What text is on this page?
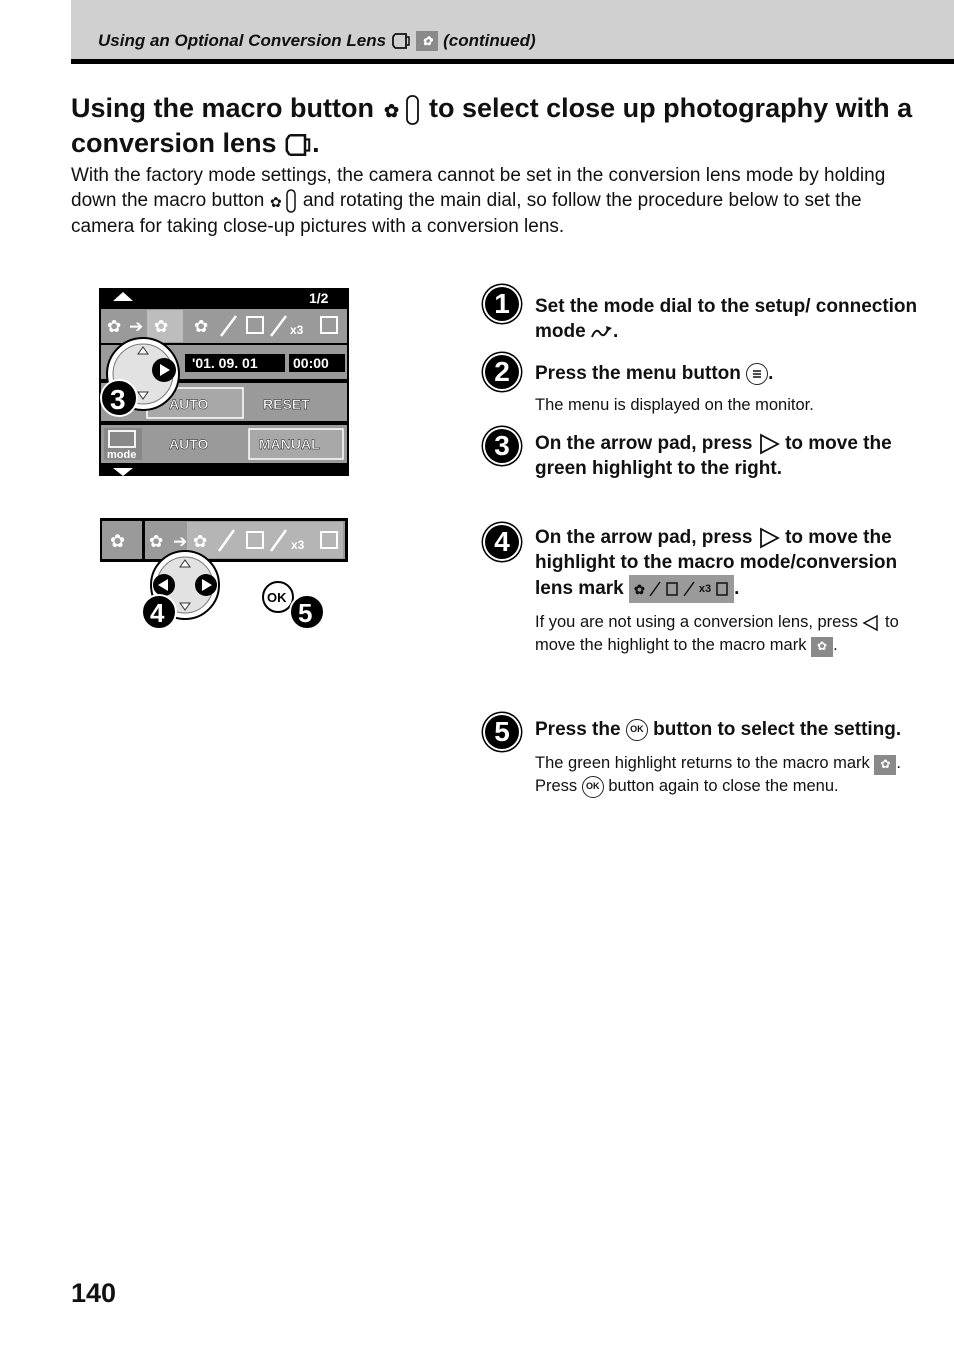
Using an Optional Conversion Lens	✿ (continued)
Using the macro button ✿ to select close up photography with a conversion lens .

With the factory mode settings, the camera cannot be set in the conversion lens mode by holding down the macro button ✿ and rotating the main dial, so follow the procedure below to set the camera for taking close-up pictures with a conversion lens.

1/2
✿ ➔ ✿ ✿	x3
'01. 09. 01	00:00
AUTO	RESET
mode
AUTO	MANUAL
3
✿ ✿ ➔ ✿	x3
4
OK
5
1	Set the mode dial to the setup/ connection mode .
2	Press the menu button .
The menu is displayed on the monitor.
3	On the arrow pad, press to move the green highlight to the right.
4	On the arrow pad, press to move the highlight to the macro mode/conversion lens mark ✿	x3 .
If you are not using a conversion lens, press to move the highlight to the macro mark ✿ .
5	Press the OK button to select the setting.
The green highlight returns to the macro mark ✿ .
Press OK button again to close the menu.
140
